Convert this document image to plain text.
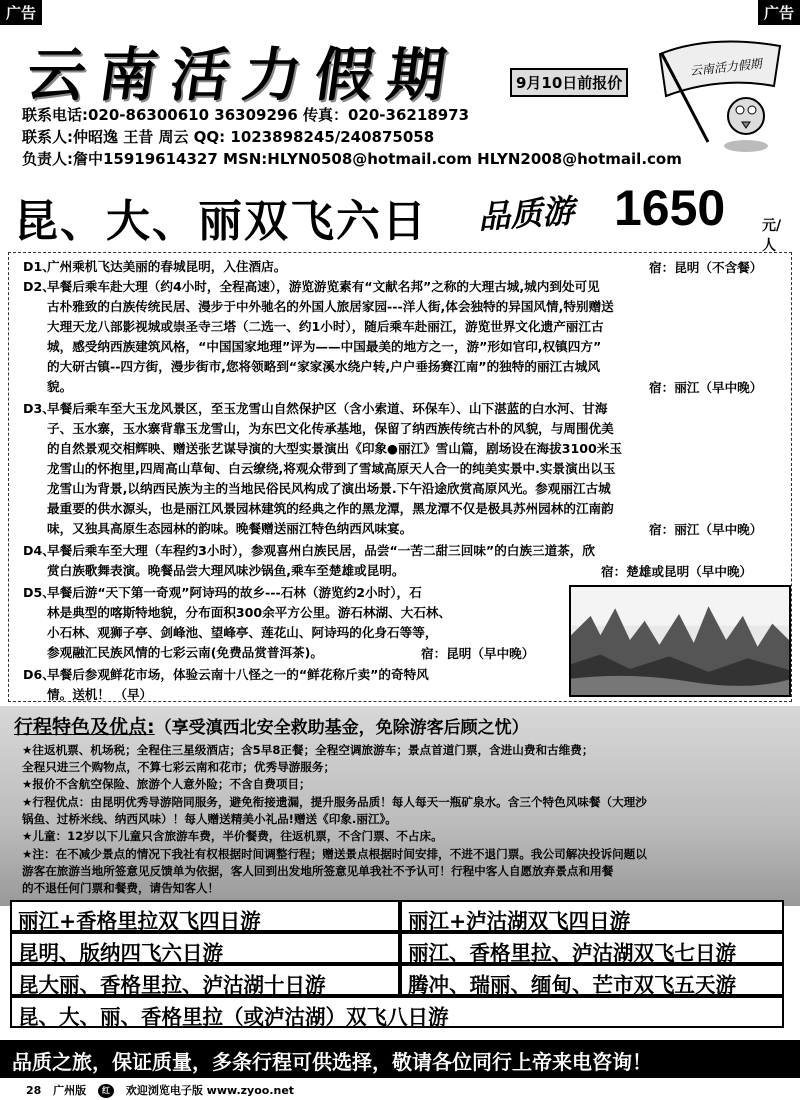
广告	广告
云南活力假期	9月10日前报价
云南活力假期
联系电话:020-86300610 36309296 传真：020-36218973
联系人:仲昭逸 王昔 周云 QQ: 1023898245/240875058
负责人:詹中15919614327 MSN:HLYN0508@hotmail.com HLYN2008@hotmail.com
昆、大、丽双飞六日 品质游 1650	元/人
D1、广州乘机飞达美丽的春城昆明，入住酒店。	宿：昆明（不含餐）
D2、早餐后乘车赴大理（约4小时，全程高速），游览游览素有“文献名邦”之称的大理古城,城内到处可见
古朴雅致的白族传统民居、漫步于中外驰名的外国人旅居家园---洋人街,体会独特的异国风情,特别赠送
大理天龙八部影视城或崇圣寺三塔（二选一、约1小时），随后乘车赴丽江，游览世界文化遗产丽江古
城，感受纳西族建筑风格，“中国国家地理”评为——中国最美的地方之一，游”形如官印,权镇四方”
的大研古镇--四方街，漫步街市,您将领略到“家家溪水绕户转,户户垂扬赛江南”的独特的丽江古城风
貌。	宿：丽江（早中晚）
D3、早餐后乘车至大玉龙风景区，至玉龙雪山自然保护区（含小索道、环保车）、山下湛蓝的白水河、甘海
子、玉水寨，玉水寨背靠玉龙雪山，为东巴文化传承基地，保留了纳西族传统古朴的风貌，与周围优美
的自然景观交相辉映、赠送张艺谋导演的大型实景演出《印象●丽江》雪山篇，剧场设在海拔3100米玉
龙雪山的怀抱里,四周高山草甸、白云缭绕,将观众带到了雪域高原天人合一的纯美实景中.实景演出以玉
龙雪山为背景,以纳西民族为主的当地民俗民风构成了演出场景.下午沿途欣赏高原风光。参观丽江古城
最重要的供水源头，也是丽江风景园林建筑的经典之作的黑龙潭，黑龙潭不仅是极具苏州园林的江南韵
味，又独具高原生态园林的韵味。晚餐赠送丽江特色纳西风味宴。	宿：丽江（早中晚）
D4、早餐后乘车至大理（车程约3小时），参观喜州白族民居，品尝“一苦二甜三回味”的白族三道茶，欣
赏白族歌舞表演。晚餐品尝大理风味沙锅鱼,乘车至楚雄或昆明。	宿：楚雄或昆明（早中晚）
D5、早餐后游“天下第一奇观”阿诗玛的故乡---石林（游览约2小时），石
林是典型的喀斯特地貌，分布面积300余平方公里。游石林湖、大石林、
小石林、观狮子亭、剑峰池、望峰亭、莲花山、阿诗玛的化身石等等，
参观融汇民族风情的七彩云南(免费品赏普洱茶)。	宿：昆明（早中晚）
D6、早餐后参观鲜花市场，体验云南十八怪之一的“鲜花称斤卖”的奇特风
情。送机！ （早）
行程特色及优点:（享受滇西北安全救助基金，免除游客后顾之忧）
★往返机票、机场税；全程住三星级酒店；含5早8正餐；全程空调旅游车；景点首道门票，含进山费和古维费；
全程只进三个购物点，不算七彩云南和花市；优秀导游服务；
★报价不含航空保险、旅游个人意外险；不含自费项目；
★行程优点：由昆明优秀导游陪同服务，避免衔接遗漏，提升服务品质！每人每天一瓶矿泉水。含三个特色风味餐（大理沙
锅鱼、过桥米线、纳西风味）！每人赠送精美小礼品!赠送《印象.丽江》。
★儿童：12岁以下儿童只含旅游车费，半价餐费，往返机票，不含门票、不占床。
★注：在不减少景点的情况下我社有权根据时间调整行程；赠送景点根据时间安排，不进不退门票。我公司解决投诉问题以
游客在旅游当地所签意见反馈单为依据，客人回到出发地所签意见单我社不予认可！行程中客人自愿放弃景点和用餐
的不退任何门票和餐费，请告知客人！
丽江+香格里拉双飞四日游	丽江+泸沽湖双飞四日游
昆明、版纳四飞六日游	丽江、香格里拉、泸沽湖双飞七日游
昆大丽、香格里拉、泸沽湖十日游	腾冲、瑞丽、缅甸、芒市双飞五天游
昆、大、丽、香格里拉（或泸沽湖）双飞八日游
品质之旅，保证质量，多条行程可供选择，敬请各位同行上帝来电咨询！
28 广州版 红 欢迎浏览电子版 www.zyoo.net
